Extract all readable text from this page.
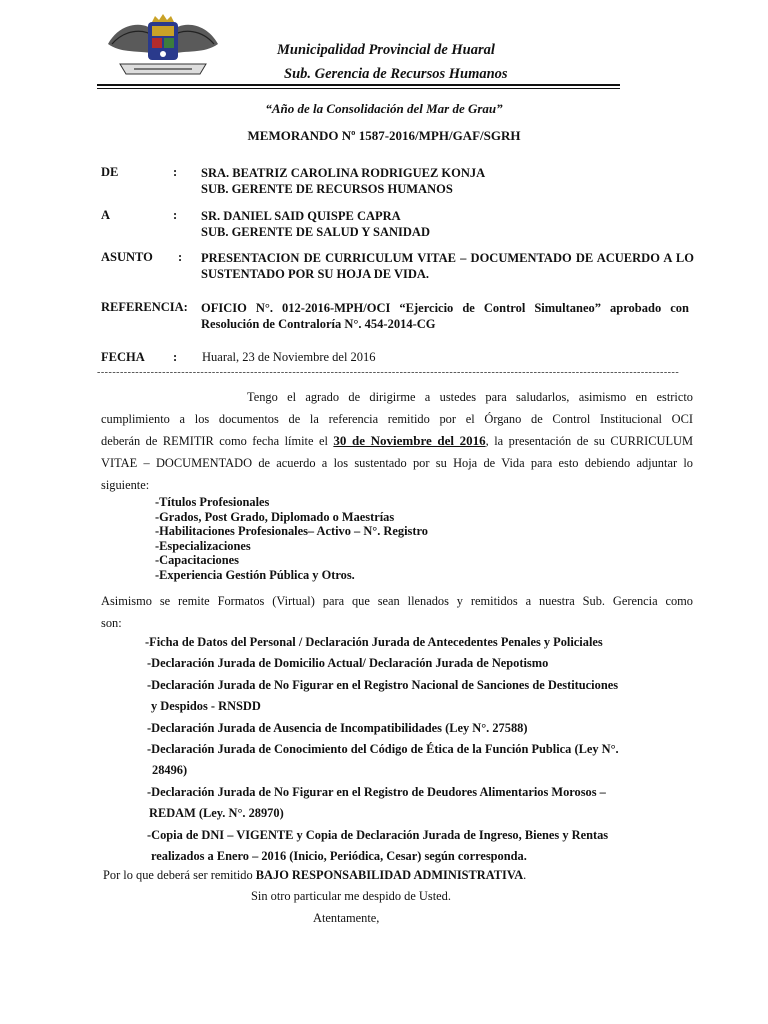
Municipalidad Provincial de Huaral
Sub. Gerencia de Recursos Humanos
“Año de la Consolidación del Mar de Grau”
MEMORANDO Nº 1587-2016/MPH/GAF/SGRH
DE	: SRA. BEATRIZ CAROLINA RODRIGUEZ KONJA
SUB. GERENTE DE RECURSOS HUMANOS
A	: SR. DANIEL SAID QUISPE CAPRA
SUB. GERENTE DE SALUD Y SANIDAD
ASUNTO : PRESENTACION DE CURRICULUM VITAE – DOCUMENTADO DE ACUERDO A LO
SUSTENTADO POR SU HOJA DE VIDA.
REFERENCIA: OFICIO N°. 012-2016-MPH/OCI “Ejercicio de Control Simultaneo” aprobado con
Resolución de Contraloría N°. 454-2014-CG
FECHA : Huaral, 23 de Noviembre del 2016
--------------------------------------------------------------------------------------------------------------------------------------------------------
Tengo el agrado de dirigirme a ustedes para saludarlos, asimismo en estricto
cumplimiento a los documentos de la referencia remitido por el Órgano de Control Institucional OCI
deberán de REMITIR como fecha límite el 30 de Noviembre del 2016, la presentación de su CURRICULUM
VITAE – DOCUMENTADO de acuerdo a los sustentado por su Hoja de Vida para esto debiendo adjuntar lo
siguiente:
-Títulos Profesionales
-Grados, Post Grado, Diplomado o Maestrías
-Habilitaciones Profesionales– Activo – N°. Registro
-Especializaciones
-Capacitaciones
-Experiencia Gestión Pública y Otros.
Asimismo se remite Formatos (Virtual) para que sean llenados y remitidos a nuestra Sub. Gerencia como
son:
-Ficha de Datos del Personal / Declaración Jurada de Antecedentes Penales y Policiales
-Declaración Jurada de Domicilio Actual/ Declaración Jurada de Nepotismo
-Declaración Jurada de No Figurar en el Registro Nacional de Sanciones de Destituciones
y Despidos - RNSDD
-Declaración Jurada de Ausencia de Incompatibilidades (Ley N°. 27588)
-Declaración Jurada de Conocimiento del Código de Ética de la Función Publica (Ley N°.
28496)
-Declaración Jurada de No Figurar en el Registro de Deudores Alimentarios Morosos –
REDAM (Ley. N°. 28970)
-Copia de DNI – VIGENTE y Copia de Declaración Jurada de Ingreso, Bienes y Rentas
realizados a Enero – 2016 (Inicio, Periódica, Cesar) según corresponda.
Por lo que deberá ser remitido BAJO RESPONSABILIDAD ADMINISTRATIVA.
Sin otro particular me despido de Usted.
Atentamente,
